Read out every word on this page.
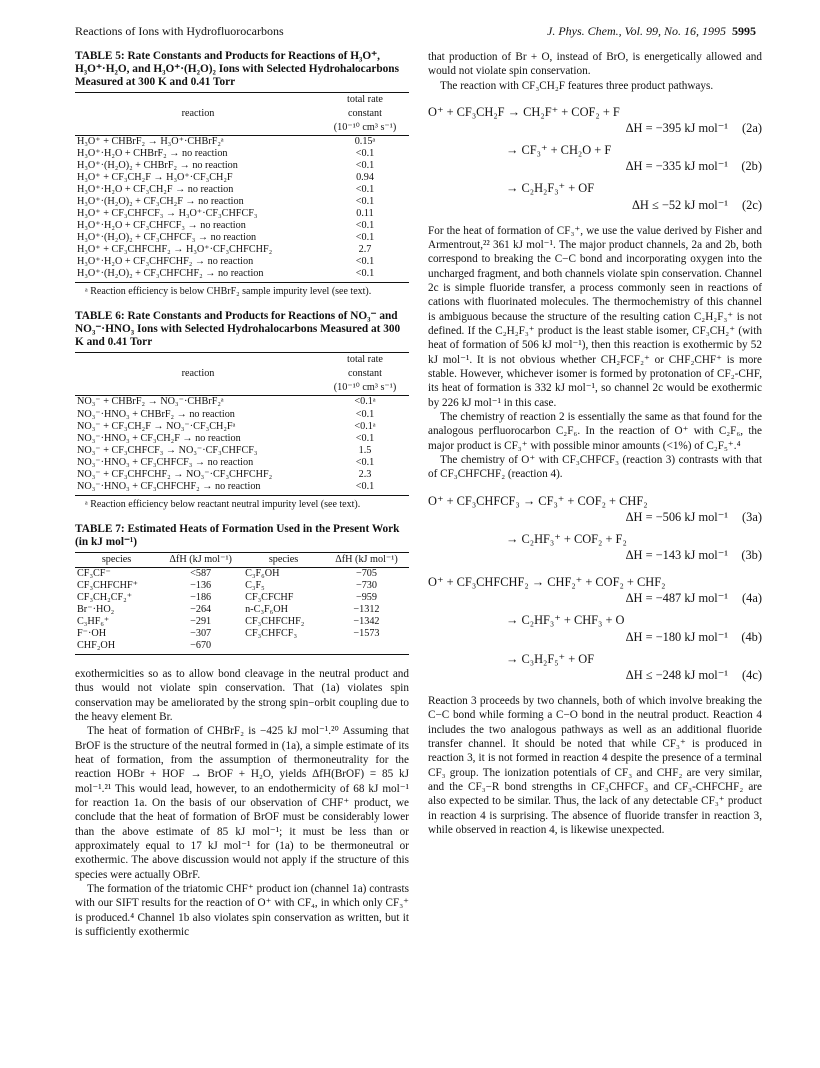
Reactions of Ions with Hydrofluorocarbons	J. Phys. Chem., Vol. 99, No. 16, 1995 5995
TABLE 5: Rate Constants and Products for Reactions of H₃O⁺, H₃O⁺·H₂O, and H₃O⁺·(H₂O)₂ Ions with Selected Hydrohalocarbons Measured at 300 K and 0.41 Torr
	total rate
reaction	constant
	(10⁻¹⁰ cm³ s⁻¹)
H₃O⁺ + CHBrF₂ → H₃O⁺·CHBrF₂ᵃ	0.15ᵃ
H₃O⁺·H₂O + CHBrF₂ → no reaction	<0.1
H₃O⁺·(H₂O)₂ + CHBrF₂ → no reaction	<0.1
H₃O⁺ + CF₃CH₂F → H₃O⁺·CF₃CH₂F	0.94
H₃O⁺·H₂O + CF₃CH₂F → no reaction	<0.1
H₃O⁺·(H₂O)₂ + CF₃CH₂F → no reaction	<0.1
H₃O⁺ + CF₃CHFCF₃ → H₃O⁺·CF₃CHFCF₃	0.11
H₃O⁺·H₂O + CF₃CHFCF₃ → no reaction	<0.1
H₃O⁺·(H₂O)₂ + CF₃CHFCF₃ → no reaction	<0.1
H₃O⁺ + CF₃CHFCHF₂ → H₃O⁺·CF₃CHFCHF₂	2.7
H₃O⁺·H₂O + CF₃CHFCHF₂ → no reaction	<0.1
H₃O⁺·(H₂O)₂ + CF₃CHFCHF₂ → no reaction	<0.1
ᵃ Reaction efficiency is below CHBrF₂ sample impurity level (see text).
TABLE 6: Rate Constants and Products for Reactions of NO₃⁻ and NO₃⁻·HNO₃ Ions with Selected Hydrohalocarbons Measured at 300 K and 0.41 Torr
	total rate
reaction	constant
	(10⁻¹⁰ cm³ s⁻¹)
NO₃⁻ + CHBrF₂ → NO₃⁻·CHBrF₂ᵃ	<0.1ᵃ
NO₃⁻·HNO₃ + CHBrF₂ → no reaction	<0.1
NO₃⁻ + CF₃CH₂F → NO₃⁻·CF₃CH₂Fᵃ	<0.1ᵃ
NO₃⁻·HNO₃ + CF₃CH₂F → no reaction	<0.1
NO₃⁻ + CF₃CHFCF₃ → NO₃⁻·CF₃CHFCF₃	1.5
NO₃⁻·HNO₃ + CF₃CHFCF₃ → no reaction	<0.1
NO₃⁻ + CF₃CHFCHF₂ → NO₃⁻·CF₃CHFCHF₂	2.3
NO₃⁻·HNO₃ + CF₃CHFCHF₂ → no reaction	<0.1
ᵃ Reaction efficiency below reactant neutral impurity level (see text).
TABLE 7: Estimated Heats of Formation Used in the Present Work (in kJ mol⁻¹)
species	ΔfH (kJ mol⁻¹)	species	ΔfH (kJ mol⁻¹)
CF₃CF⁻	<587	C₃F₆OH	−705
CF₃CHFCHF⁺	−136	C₃F₅	−730
CF₃CH₂CF₂⁺	−186	CF₃CFCHF	−959
Br⁻·HO₂	−264	n-C₃F₆OH	−1312
C₃HF₆⁺	−291	CF₃CHFCHF₂	−1342
F⁻·OH	−307	CF₃CHFCF₃	−1573
CHF₂OH	−670		

exothermicities so as to allow bond cleavage in the neutral product and thus would not violate spin conservation. That (1a) violates spin conservation may be ameliorated by the strong spin−orbit coupling due to the heavy element Br.

The heat of formation of CHBrF₂ is −425 kJ mol⁻¹.²⁰ Assuming that BrOF is the structure of the neutral formed in (1a), a simple estimate of its heat of formation, from the assumption of thermoneutrality for the reaction HOBr + HOF → BrOF + H₂O, yields ΔfH(BrOF) = 85 kJ mol⁻¹.²¹ This would lead, however, to an endothermicity of 68 kJ mol⁻¹ for reaction 1a. On the basis of our observation of CHF⁺ product, we conclude that the heat of formation of BrOF must be considerably lower than the above estimate of 85 kJ mol⁻¹; it must be less than or approximately equal to 17 kJ mol⁻¹ for (1a) to be thermoneutral or exothermic. The above discussion would not apply if the structure of this species were actually OBrF.

The formation of the triatomic CHF⁺ product ion (channel 1a) contrasts with our SIFT results for the reaction of O⁺ with CF₄, in which only CF₃⁺ is produced.⁴ Channel 1b also violates spin conservation as written, but it is sufficiently exothermic

that production of Br + O, instead of BrO, is energetically allowed and would not violate spin conservation.

The reaction with CF₃CH₂F features three product pathways.

O⁺ + CF₃CH₂F → CH₂F⁺ + COF₂ + F
ΔH = −395 kJ mol⁻¹ (2a)
→ CF₃⁺ + CH₂O + F
ΔH = −335 kJ mol⁻¹ (2b)
→ C₂H₂F₃⁺ + OF
ΔH ≤ −52 kJ mol⁻¹ (2c)

For the heat of formation of CF₃⁺, we use the value derived by Fisher and Armentrout,²² 361 kJ mol⁻¹. The major product channels, 2a and 2b, both correspond to breaking the C−C bond and incorporating oxygen into the uncharged fragment, and both channels violate spin conservation. Channel 2c is simple fluoride transfer, a process commonly seen in reactions of cations with fluorinated molecules. The thermochemistry of this channel is ambiguous because the structure of the resulting cation C₂H₂F₃⁺ is not defined. If the C₂H₂F₃⁺ product is the least stable isomer, CF₃CH₂⁺ (with heat of formation of 506 kJ mol⁻¹), then this reaction is exothermic by 52 kJ mol⁻¹. It is not obvious whether CH₂FCF₂⁺ or CHF₂CHF⁺ is more stable. However, whichever isomer is formed by protonation of CF₂-CHF, its heat of formation is 332 kJ mol⁻¹, so channel 2c would be exothermic by 226 kJ mol⁻¹ in this case.

The chemistry of reaction 2 is essentially the same as that found for the analogous perfluorocarbon C₂F₆. In the reaction of O⁺ with C₂F₆, the major product is CF₃⁺ with possible minor amounts (<1%) of C₂F₅⁺.⁴

The chemistry of O⁺ with CF₃CHFCF₃ (reaction 3) contrasts with that of CF₃CHFCHF₂ (reaction 4).

O⁺ + CF₃CHFCF₃ → CF₃⁺ + COF₂ + CHF₂
ΔH = −506 kJ mol⁻¹ (3a)
→ C₂HF₃⁺ + COF₂ + F₂
ΔH = −143 kJ mol⁻¹ (3b)
O⁺ + CF₃CHFCHF₂ → CHF₂⁺ + COF₂ + CHF₂
ΔH = −487 kJ mol⁻¹ (4a)
→ C₂HF₃⁺ + CHF₃ + O
ΔH = −180 kJ mol⁻¹ (4b)
→ C₃H₂F₅⁺ + OF
ΔH ≤ −248 kJ mol⁻¹ (4c)

Reaction 3 proceeds by two channels, both of which involve breaking the C−C bond while forming a C−O bond in the neutral product. Reaction 4 includes the two analogous pathways as well as an additional fluoride transfer channel. It should be noted that while CF₃⁺ is produced in reaction 3, it is not formed in reaction 4 despite the presence of a terminal CF₃ group. The ionization potentials of CF₃ and CHF₂ are very similar, and the CF₃−R bond strengths in CF₃CHFCF₃ and CF₃-CHFCHF₂ are also expected to be similar. Thus, the lack of any detectable CF₃⁺ product in reaction 4 is surprising. The absence of fluoride transfer in reaction 3, while observed in reaction 4, is likewise unexpected.
